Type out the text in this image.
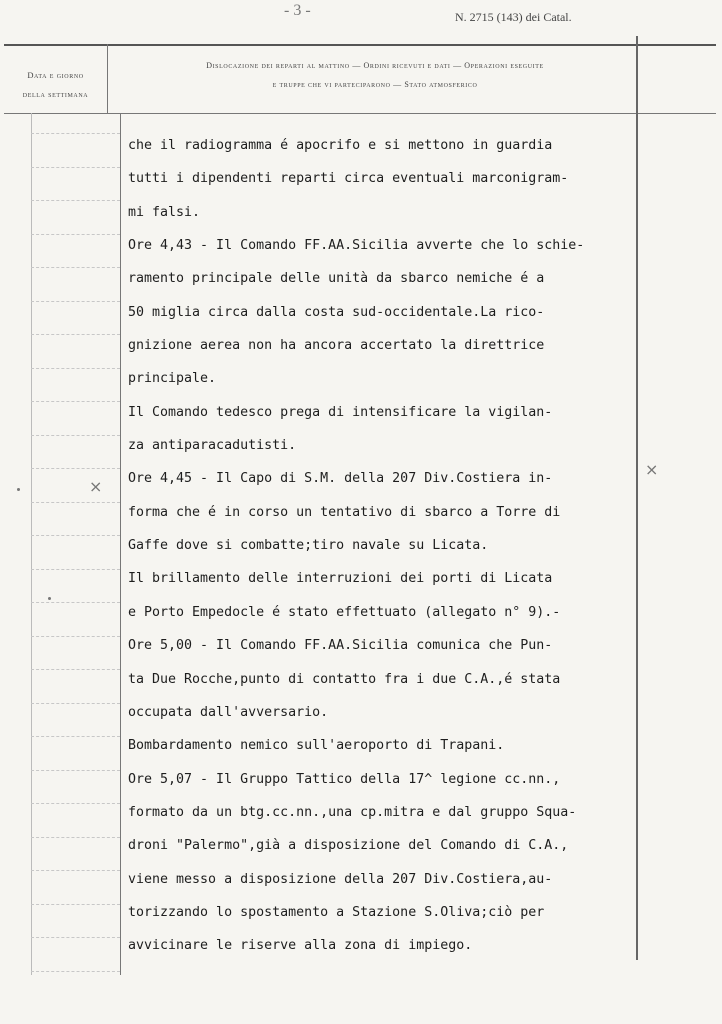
- 3 -	N. 2715 (143) dei Catal.
Data e giorno
della settimana
Dislocazione dei reparti al mattino — Ordini ricevuti e dati — Operazioni eseguite
e truppe che vi parteciparono — Stato atmosferico
che il radiogramma é apocrifo e si mettono in guardia
tutti i dipendenti reparti circa eventuali marconigram-
mi falsi.
Ore 4,43 - Il Comando FF.AA.Sicilia avverte che lo schie-
ramento principale delle unità da sbarco nemiche é a
50 miglia circa dalla costa sud-occidentale.La rico-
gnizione aerea non ha ancora accertato la direttrice
principale.
Il Comando tedesco prega di intensificare la vigilan-
za antiparacadutisti.
Ore 4,45 - Il Capo di S.M. della 207 Div.Costiera in-
forma che é in corso un tentativo di sbarco a Torre di
Gaffe dove si combatte;tiro navale su Licata.
Il brillamento delle interruzioni dei porti di Licata
e Porto Empedocle é stato effettuato (allegato n° 9).-
Ore 5,00 - Il Comando FF.AA.Sicilia comunica che Pun-
ta Due Rocche,punto di contatto fra i due C.A.,é stata
occupata dall'avversario.
Bombardamento nemico sull'aeroporto di Trapani.
Ore 5,07 - Il Gruppo Tattico della 17^ legione cc.nn.,
formato da un btg.cc.nn.,una cp.mitra e dal gruppo Squa-
droni "Palermo",già a disposizione del Comando di C.A.,
viene messo a disposizione della 207 Div.Costiera,au-
torizzando lo spostamento a Stazione S.Oliva;ciò per
avvicinare le riserve alla zona di impiego.
×
×
